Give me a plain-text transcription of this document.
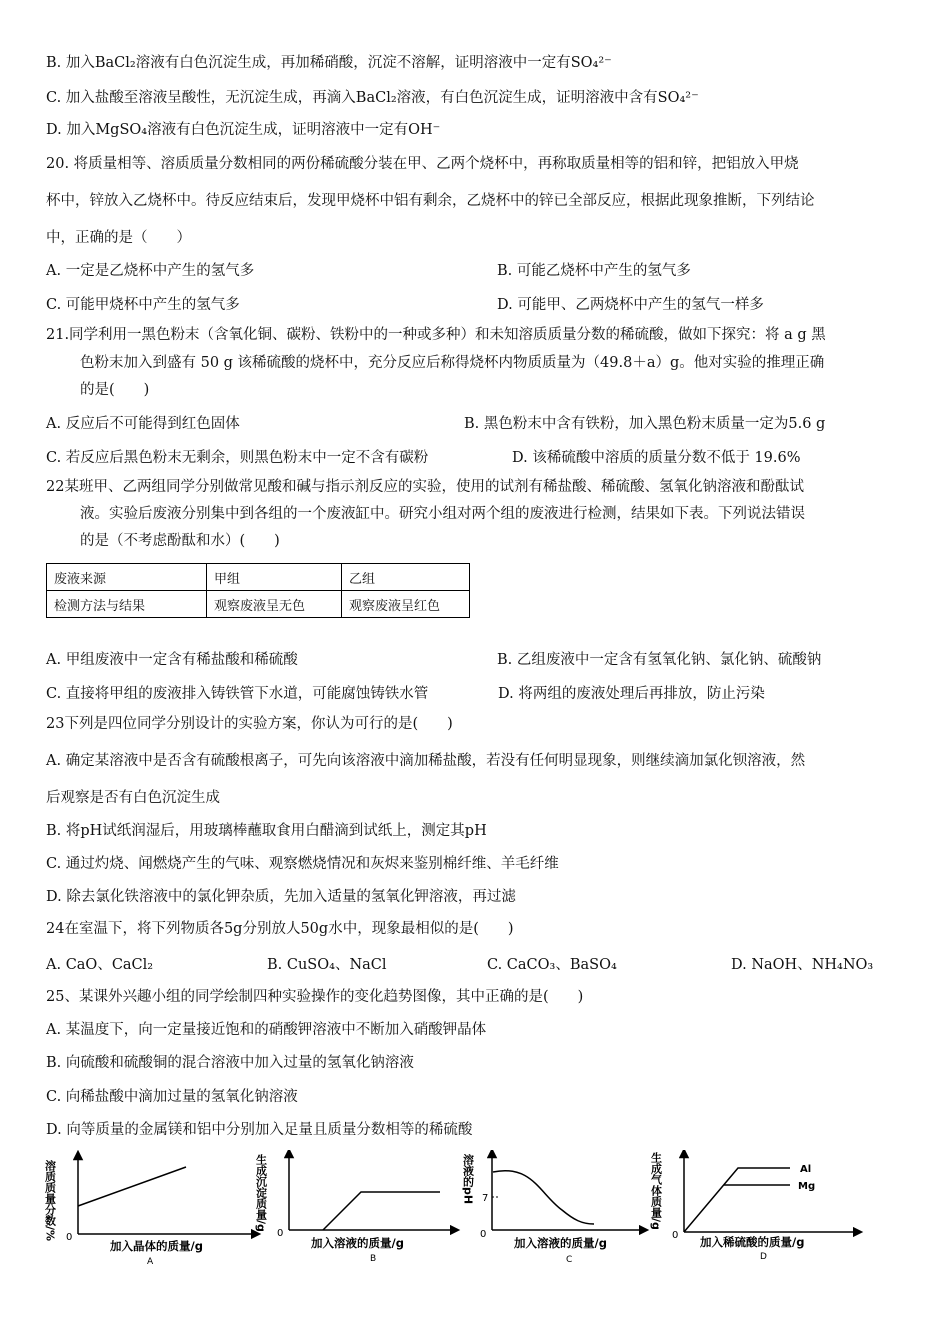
B. 加入BaCl₂溶液有白色沉淀生成，再加稀硝酸，沉淀不溶解，证明溶液中一定有SO₄²⁻
C. 加入盐酸至溶液呈酸性，无沉淀生成，再滴入BaCl₂溶液，有白色沉淀生成，证明溶液中含有SO₄²⁻
D. 加入MgSO₄溶液有白色沉淀生成，证明溶液中一定有OH⁻
20. 将质量相等、溶质质量分数相同的两份稀硫酸分装在甲、乙两个烧杯中，再称取质量相等的铝和锌，把铝放入甲烧
杯中，锌放入乙烧杯中。待反应结束后，发现甲烧杯中铝有剩余，乙烧杯中的锌已全部反应，根据此现象推断，下列结论
中，正确的是（　　）
A. 一定是乙烧杯中产生的氢气多	B. 可能乙烧杯中产生的氢气多
C. 可能甲烧杯中产生的氢气多	D. 可能甲、乙两烧杯中产生的氢气一样多
21.同学利用一黑色粉末（含氧化铜、碳粉、铁粉中的一种或多种）和未知溶质质量分数的稀硫酸，做如下探究：将 a g 黑
色粉末加入到盛有 50 g 该稀硫酸的烧杯中，充分反应后称得烧杯内物质质量为（49.8＋a）g。他对实验的推理正确
的是(　　)
A. 反应后不可能得到红色固体	B. 黑色粉末中含有铁粉，加入黑色粉末质量一定为5.6 g
C. 若反应后黑色粉末无剩余，则黑色粉末中一定不含有碳粉	D. 该稀硫酸中溶质的质量分数不低于 19.6%
22某班甲、乙两组同学分别做常见酸和碱与指示剂反应的实验，使用的试剂有稀盐酸、稀硫酸、氢氧化钠溶液和酚酞试
液。实验后废液分别集中到各组的一个废液缸中。研究小组对两个组的废液进行检测，结果如下表。下列说法错误
的是（不考虑酚酞和水）(　　)
废液来源	甲组	乙组
检测方法与结果	观察废液呈无色	观察废液呈红色
A. 甲组废液中一定含有稀盐酸和稀硫酸	B. 乙组废液中一定含有氢氧化钠、氯化钠、硫酸钠
C. 直接将甲组的废液排入铸铁管下水道，可能腐蚀铸铁水管	D. 将两组的废液处理后再排放，防止污染
23下列是四位同学分别设计的实验方案，你认为可行的是(　　)
A. 确定某溶液中是否含有硫酸根离子，可先向该溶液中滴加稀盐酸，若没有任何明显现象，则继续滴加氯化钡溶液，然
后观察是否有白色沉淀生成
B. 将pH试纸润湿后，用玻璃棒蘸取食用白醋滴到试纸上，测定其pH
C. 通过灼烧、闻燃烧产生的气味、观察燃烧情况和灰烬来鉴别棉纤维、羊毛纤维
D. 除去氯化铁溶液中的氯化钾杂质，先加入适量的氢氧化钾溶液，再过滤
24在室温下，将下列物质各5g分别放人50g水中，现象最相似的是(　　)
A. CaO、CaCl₂	B. CuSO₄、NaCl	C. CaCO₃、BaSO₄	D. NaOH、NH₄NO₃
25、某课外兴趣小组的同学绘制四种实验操作的变化趋势图像，其中正确的是(　　)
A. 某温度下，向一定量接近饱和的硝酸钾溶液中不断加入硝酸钾晶体
B. 向硫酸和硫酸铜的混合溶液中加入过量的氢氧化钠溶液
C. 向稀盐酸中滴加过量的氢氧化钠溶液
D. 向等质量的金属镁和铝中分别加入足量且质量分数相等的稀硫酸
溶质质量分数/% 0
加入晶体的质量/g
A
生成沉淀质量/g
0
加入溶液的质量/g
B
溶液的pH 7
0
加入溶液的质量/g
C
生成气体质量/g	Al
Mg
0 加入稀硫酸的质量/g
D
